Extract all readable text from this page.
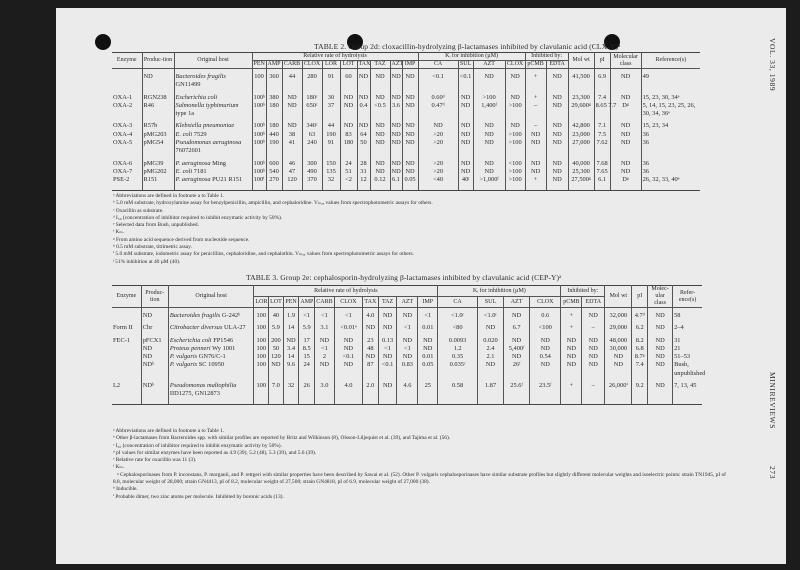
VOL. 33, 1989
MINIREVIEWS
273
TABLE 2. Group 2d: cloxacillin-hydrolyzing β-lactamases inhibited by clavulanic acid (CLX-Y)ᵃ
Enzyme	Produc-tion	Original host	Relative rate of hydrolysis										Kᵢ for inhibition (µM)				Inhibited by:		Mol wt	pI	Molecular class	Reference(s)
			PEN	AMP	CARB	CLOX	LOR	LOT	TAX	TAZ	AZT	IMP	CA	SUL	AZT	CLOX	pCMB	EDTA				
	ND	Bacteroides fragilis GN11499	100	360	44	280	91	60	ND	ND	ND	ND	<0.1	<0.1	ND	ND	+	ND	41,500	6.9	ND	49
OXA-1	RGN238	Escherichia coli	100ᵇ	380	ND	180ᶜ	30	ND	ND	ND	ND	ND	0.60ᵈ	ND	>100	ND	+	ND	23,300	7.4	ND	15, 23, 30, 34ᵉ
OXA-2	R46	Salmonella typhimurium type 1a	100ᵇ	180	ND	650ᶜ	37	ND	0.4	<0.5	3.6	ND	0.47ᵈ	ND	1,400ᶠ	>100	–	ND	29,600ᵍ	8.65 7.7	Dᵍ	5, 14, 15, 23, 25, 26, 30, 34, 36ᵉ
OXA-3	R57b	Klebsiella pneumoniae	100ᵇ	180	ND	340ᶜ	44	ND	ND	ND	ND	ND	ND	ND	ND	ND	–	ND	42,800	7.1	ND	15, 23, 34
OXA-4	pMG203	E. coli 7529	100ʰ	440	38	63	190	83	64	ND	ND	ND	>20	ND	ND	>100	ND	ND	23,000	7.5	ND	36
OXA-5	pMG54	Pseudomonas aeruginosa 76072601	100ʰ	190	41	240	91	180	50	ND	ND	ND	>20	ND	ND	>100	ND	ND	27,000	7.62	ND	36
OXA-6	pMG39	P. aeruginosa Ming	100ʰ	600	46	300	150	24	28	ND	ND	ND	>20	ND	ND	<100	ND	ND	40,000	7.68	ND	36
OXA-7	pMG202	E. coli 7181	100ʰ	540	47	490	135	51	31	ND	ND	ND	>20	ND	ND	>100	ND	ND	25,300	7.65	ND	36
PSE-2	R151	P. aeruginosa PU21 R151	100ⁱ	270	120	370	32	<2	12	0.12	6.1	0.05	<40	40ʲ	>1,000ᶠ	>100	+	ND	27,500ᵍ	6.1	Dᵍ	26, 32, 33, 40ᵉ
ᵃ Abbreviations are defined in footnote a to Table 1.
ᵇ 5.0 mM substrate, hydroxylamine assay for benzylpenicillin, ampicillin, and cephaloridine. Vₘₐₓ values from spectrophotometric assays for others.
ᶜ Oxacillin as substrate.
ᵈ I₅₀ (concentration of inhibitor required to inhibit enzymatic activity by 50%).
ᵉ Selected data from Bush, unpublished.
ᶠ Kₘ.
ᵍ From amino acid sequence derived from nucleotide sequence.
ʰ 0.5 mM substrate, titrimetric assay.
ⁱ 5.0 mM substrate, iodometric assay for penicillins, cephaloridine, and cephalothin. Vₘₐₓ values from spectrophotometric assays for others.
ʲ 51% inhibition at 40 µM (40).
TABLE 3. Group 2e: cephalosporin-hydrolyzing β-lactamases inhibited by clavulanic acid (CEP-Y)ᵃ
Enzyme	Produc-tion	Original host	Relative rate of hydrolysis										Kᵢ for inhibition (µM)				Inhibited by:		Mol wt	pI	Molec-ular class	Refer-ence(s)
			LOR	LOT	PEN	AMP	CARB	CLOX	TAX	TAZ	AZT	IMP	CA	SUL	AZT	CLOX	pCMB	EDTA				
	ND	Bacteroides fragilis G-242ᵇ	100	40	1.9	<1	<1	<1	4.0	ND	ND	<1	<1.0ᶜ	<1.0ᶜ	ND	0.6	+	ND	32,000	4.7ᵈ	ND	58
Form II	Chr	Citrobacter diversus ULA-27	100	5.9	14	5.9	3.1	<0.01ᵉ	ND	ND	<1	0.01	<80	ND	6.7	<100	+	–	29,000	6.2	ND	2–4
FEC-1	pFCX1	Escherichia coli FP1546	100	200	ND	17	ND	ND	23	0.13	ND	ND	0.0093	0.020	ND	ND	ND	ND	48,000	8.2	ND	31
	ND	Proteus penneri Wy 1001	100	50	3.4	8.5	<1	ND	48	<1	<1	ND	1.2	2.4	5,400ᶠ	ND	ND	ND	30,000	6.8	ND	21
	ND	P. vulgaris GN76/C-1	100	120	14	15	2	<0.1	ND	ND	ND	0.01	0.35	2.1	ND	0.54	ND	ND	ND	8.7ᵍ	ND	51–53
	NDʰ	P. vulgaris SC 10950	100	ND	9.6	24	ND	ND	87	<0.1	0.83	0.05	0.035ᶜ	ND	26ᶠ	ND	ND	ND	ND	7.4	ND	Bush, unpublished
L2	NDʰ	Pseudomonas maltophilia IID1275, GN12873	100	7.0	32	26	3.0	4.0	2.0	ND	4.6	25	0.58	1.87	25.6ᶠ	23.5ᶠ	+	–	26,000ⁱ	9.2	ND	7, 13, 45
ᵃ Abbreviations are defined in footnote a to Table 1.
ᵇ Other β-lactamases from Bacteroides spp. with similar profiles are reported by Britz and Wilkinson (8), Olsson-Liljequist et al. (39), and Tajima et al. (56).
ᶜ I₅₀ (concentration of inhibitor required to inhibit enzymatic activity by 50%).
ᵈ pI values for similar enzymes have been reported as 4.9 (39), 5.2 (48), 5.3 (39), and 5.6 (39).
ᵉ Relative rate for oxacillin was 11 (3).
ᶠ Kₘ.
ᵍ Cephalosporinases from P. inconstans, P. morganii, and P. rettgeri with similar properties have been described by Sawai et al. (52). Other P. vulgaris cephalosporinases have similar substrate profiles but slightly different molecular weights and isoelectric points: strain TN1945, pI of 8.8, molecular weight of 28,000; strain GN4413, pI of 8.2, molecular weight of 27,500; strain GN4818, pI of 6.9, molecular weight of 27,000 (38).
ʰ Inducible.
ⁱ Probable dimer, two zinc atoms per molecule. Inhibited by boronic acids (13).
